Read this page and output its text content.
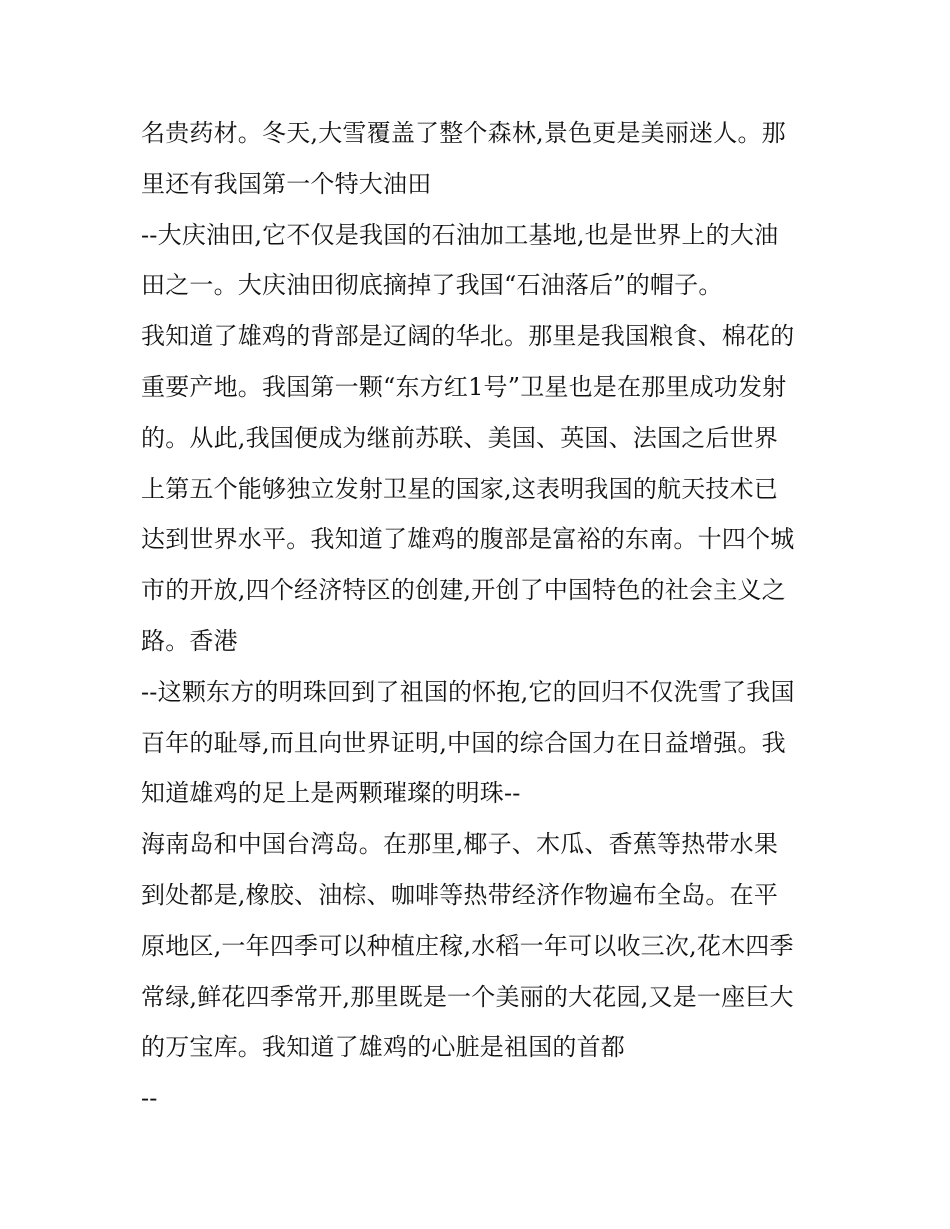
名贵药材。冬天,大雪覆盖了整个森林,景色更是美丽迷人。那
里还有我国第一个特大油田
--大庆油田,它不仅是我国的石油加工基地,也是世界上的大油
田之一。大庆油田彻底摘掉了我国“石油落后”的帽子。
我知道了雄鸡的背部是辽阔的华北。那里是我国粮食、棉花的
重要产地。我国第一颗“东方红1号”卫星也是在那里成功发射
的。从此,我国便成为继前苏联、美国、英国、法国之后世界
上第五个能够独立发射卫星的国家,这表明我国的航天技术已
达到世界水平。我知道了雄鸡的腹部是富裕的东南。十四个城
市的开放,四个经济特区的创建,开创了中国特色的社会主义之
路。香港
--这颗东方的明珠回到了祖国的怀抱,它的回归不仅洗雪了我国
百年的耻辱,而且向世界证明,中国的综合国力在日益增强。我
知道雄鸡的足上是两颗璀璨的明珠--
海南岛和中国台湾岛。在那里,椰子、木瓜、香蕉等热带水果
到处都是,橡胶、油棕、咖啡等热带经济作物遍布全岛。在平
原地区,一年四季可以种植庄稼,水稻一年可以收三次,花木四季
常绿,鲜花四季常开,那里既是一个美丽的大花园,又是一座巨大
的万宝库。我知道了雄鸡的心脏是祖国的首都
--
